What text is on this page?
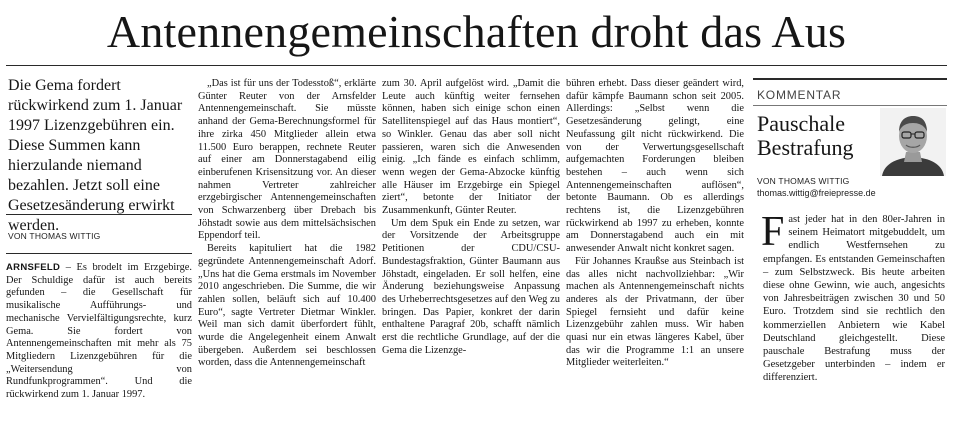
Antennengemeinschaften droht das Aus
Die Gema fordert rückwirkend zum 1. Januar 1997 Lizenzgebühren ein. Diese Summen kann hierzulande niemand bezahlen. Jetzt soll eine Gesetzesänderung erwirkt werden.
VON THOMAS WITTIG

ARNSFELD – Es brodelt im Erzgebirge. Der Schuldige dafür ist auch bereits gefunden – die Gesellschaft für musikalische Aufführungs- und mechanische Vervielfältigungsrechte, kurz Gema. Sie fordert von Antennengemeinschaften mit mehr als 75 Mitgliedern Lizenzgebühren für die „Weitersendung von Rundfunkprogrammen“. Und die rückwirkend zum 1. Januar 1997.

„Das ist für uns der Todesstoß“, erklärte Günter Reuter von der Arnsfelder Antennengemeinschaft. Sie müsste anhand der Gema-Berechnungsformel für ihre zirka 450 Mitglieder allein etwa 11.500 Euro berappen, rechnete Reuter auf einer am Donnerstagabend eilig einberufenen Krisensitzung vor. An dieser nahmen Vertreter zahlreicher erzgebirgischer Antennengemeinschaften von Schwarzenberg über Drebach bis Jöhstadt sowie aus dem mittelsächsischen Eppendorf teil.

Bereits kapituliert hat die 1982 gegründete Antennengemeinschaft Adorf. „Uns hat die Gema erstmals im November 2010 angeschrieben. Die Summe, die wir zahlen sollen, beläuft sich auf 10.400 Euro“, sagte Vertreter Dietmar Winkler. Weil man sich damit überfordert fühlt, wurde die Angelegenheit einem Anwalt übergeben. Außerdem sei beschlossen worden, dass die Antennengemeinschaft

zum 30. April aufgelöst wird. „Damit die Leute auch künftig weiter fernsehen können, haben sich einige schon einen Satellitenspiegel auf das Haus montiert“, so Winkler. Genau das aber soll nicht passieren, waren sich die Anwesenden einig. „Ich fände es einfach schlimm, wenn wegen der Gema-Abzocke künftig alle Häuser im Erzgebirge ein Spiegel ziert“, betonte der Initiator der Zusammenkunft, Günter Reuter.

Um dem Spuk ein Ende zu setzen, war der Vorsitzende der Arbeitsgruppe Petitionen der CDU/CSU-Bundestagsfraktion, Günter Baumann aus Jöhstadt, eingeladen. Er soll helfen, eine Änderung beziehungsweise Anpassung des Urheberrechtsgesetzes auf den Weg zu bringen. Das Papier, konkret der darin enthaltene Paragraf 20b, schafft nämlich erst die rechtliche Grundlage, auf der die Gema die Lizenzge-

bühren erhebt. Dass dieser geändert wird, dafür kämpfe Baumann schon seit 2005. Allerdings: „Selbst wenn die Gesetzesänderung gelingt, eine Neufassung gilt nicht rückwirkend. Die von der Verwertungsgesellschaft aufgemachten Forderungen bleiben bestehen – auch wenn sich Antennengemeinschaften auflösen“, betonte Baumann. Ob es allerdings rechtens ist, die Lizenzgebühren rückwirkend ab 1997 zu erheben, konnte am Donnerstagabend auch ein mit anwesender Anwalt nicht konkret sagen.

Für Johannes Kraußse aus Steinbach ist das alles nicht nachvollziehbar: „Wir machen als Antennengemeinschaft nichts anderes als der Privatmann, der über Spiegel fernsieht und dafür keine Lizenzgebühr zahlen muss. Wir haben quasi nur ein etwas längeres Kabel, über das wir die Programme 1:1 an unsere Mitglieder weiterleiten.“

KOMMENTAR
Pauschale Bestrafung
VON THOMAS WITTIG
thomas.wittig@freiepresse.de

Fast jeder hat in den 80er-Jahren in seinem Heimatort mitgebuddelt, um endlich Westfernsehen zu empfangen. Es entstanden Gemeinschaften – zum Selbstzweck. Bis heute arbeiten diese ohne Gewinn, wie auch, angesichts von Jahresbeiträgen zwischen 30 und 50 Euro. Trotzdem sind sie rechtlich den kommerziellen Anbietern wie Kabel Deutschland gleichgestellt. Diese pauschale Bestrafung muss der Gesetzgeber unterbinden – indem er differenziert.
